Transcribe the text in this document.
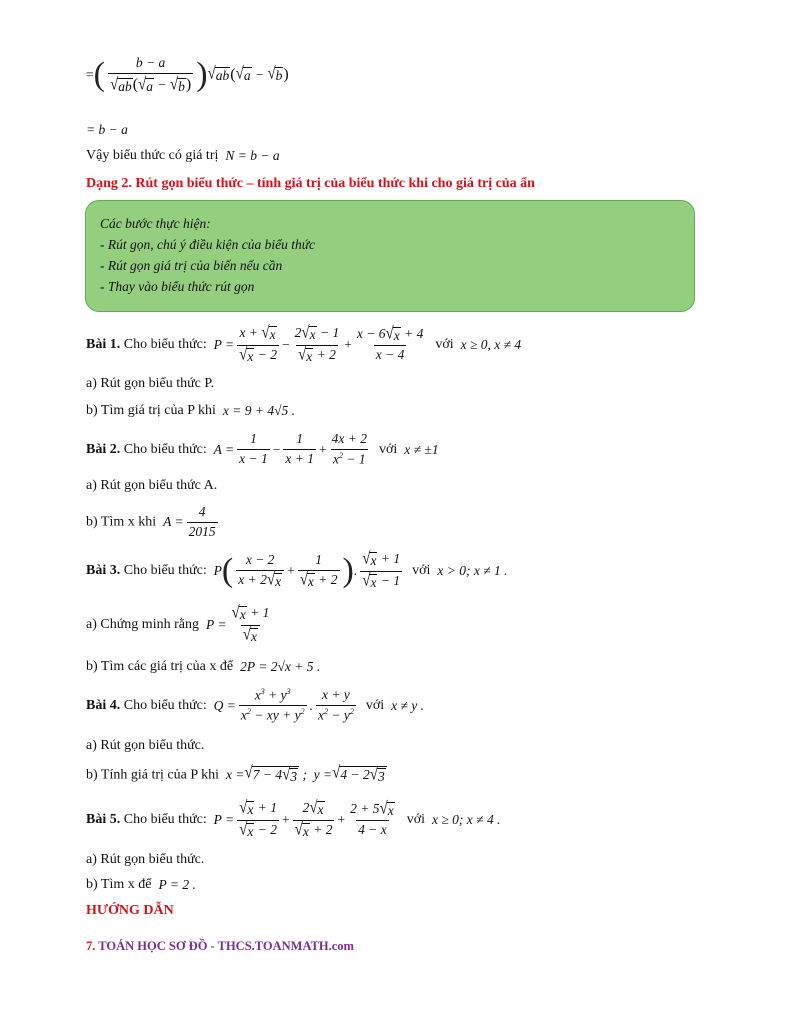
= ( b − a
√ ab ( √ a − √ b ) ) √ ab ( √ a − √ b )
= b − a
Vậy biểu thức có giá trị N = b − a
Dạng 2. Rút gọn biểu thức – tính giá trị của biểu thức khi cho giá trị của ẩn
Các bước thực hiện:
- Rút gọn, chú ý điều kiện của biểu thức
- Rút gọn giá trị của biến nếu cần
- Thay vào biểu thức rút gọn
Bài 1. Cho biểu thức:  P =
x + √ x
√ x − 2
− $\frac{2 √ x - 1}{√ x + 2} + \frac{x - 6 √ x + 4}{x - 4}$ với x ≥ 0, x ≠ 4
a) Rút gọn biểu thức P.
b) Tìm giá trị của P khi x = 9 + 4√5 .
Bài 2. Cho biểu thức:  A =
1
x − 1
− $\frac{1}{x + 1} + \frac{4x + 2}{x^2 - 1}$ với x ≠ ±1
a) Rút gọn biểu thức A.
b) Tìm x khi A =
4
2015
Bài 3. Cho biểu thức:  P ( x − 2
x + 2 √ x
+ $\frac{1}{√ x + 2}$ ) .
√ x + 1
√ x − 1
với x > 0; x ≠ 1 .
a) Chứng minh rằng P =
√ x + 1
√ x
b) Tìm các giá trị của x để 2P = 2√x + 5 .
Bài 4. Cho biểu thức:  Q =
$x^3 + y^3$
$x^2$ − xy + $y^2$ .
x + y
$x^2 - y^2$ với x ≠ y .
a) Rút gọn biểu thức.
b) Tính giá trị của P khi x = √ 7 − 4 √ 3 ;  y = √ 4 − 2 √ 3
Bài 5. Cho biểu thức:  P =
√ x + 1
√ x − 2
+ $\frac{2 √ x}{√ x + 2} + \frac{2 + 5 √ x}{4 - x}$ với x ≥ 0; x ≠ 4 .
a) Rút gọn biểu thức.
b) Tìm x để P = 2 .
HƯỚNG DẪN
7. TOÁN HỌC SƠ ĐỒ - THCS.TOANMATH.com
